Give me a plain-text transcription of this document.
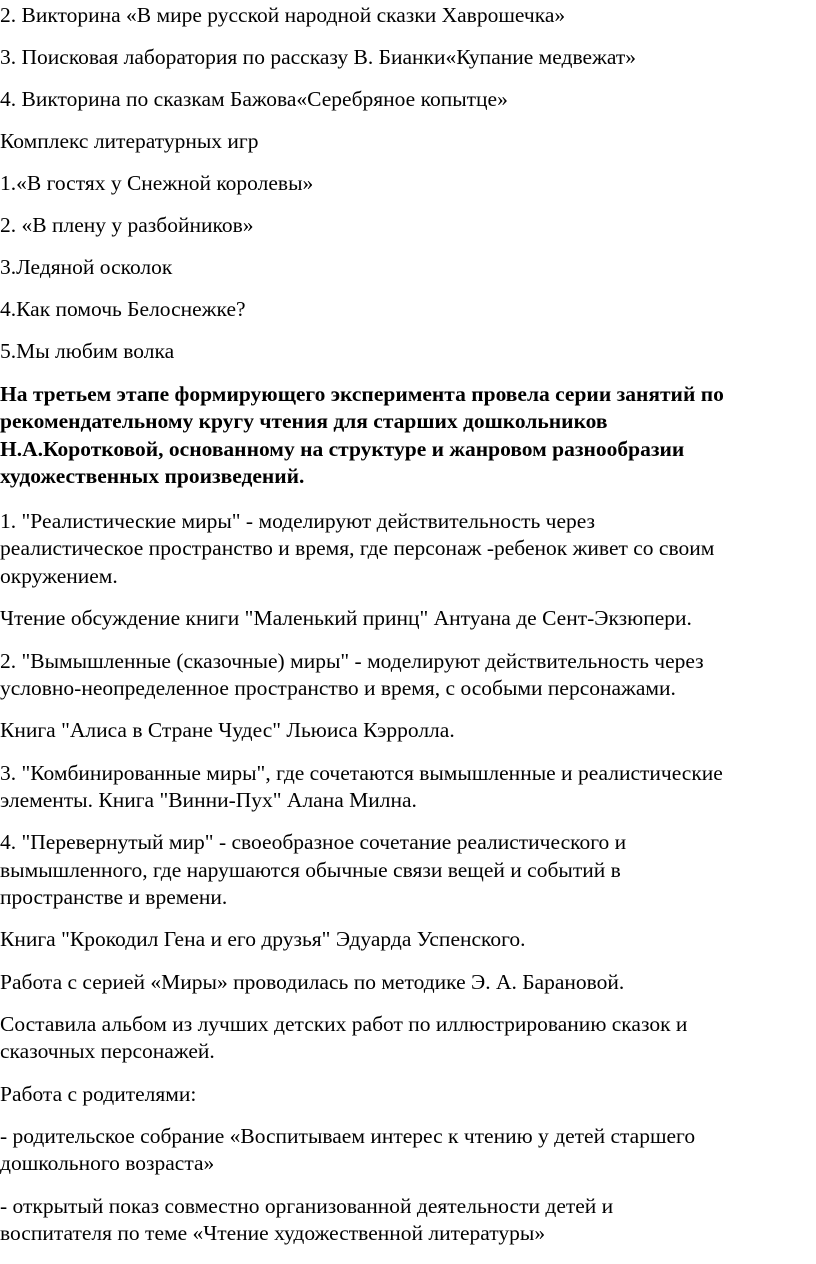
2. Викторина «В мире русской народной сказки Хаврошечка»

3. Поисковая лаборатория по рассказу В. Бианки«Купание медвежат»

4. Викторина по сказкам Бажова«Серебряное копытце»

Комплекс литературных игр

1.«В гостях у Снежной королевы»

2. «В плену у разбойников»

3.Ледяной осколок

4.Как помочь Белоснежке?

5.Мы любим волка

На третьем этапе формирующего эксперимента провела серии занятий по

рекомендательному кругу чтения для старших дошкольников

Н.А.Коротковой, основанному на структуре и жанровом разнообразии

художественных произведений.

1. "Реалистические миры" - моделируют действительность через

реалистическое пространство и время, где персонаж -ребенок живет со своим

окружением.

Чтение обсуждение книги "Маленький принц" Антуана де Сент-Экзюпери.

2. "Вымышленные (сказочные) миры" - моделируют действительность через

условно-неопределенное пространство и время, с особыми персонажами.

Книга "Алиса в Стране Чудес" Льюиса Кэрролла.

3. "Комбинированные миры", где сочетаются вымышленные и реалистические

элементы. Книга "Винни-Пух" Алана Милна.

4. "Перевернутый мир" - своеобразное сочетание реалистического и

вымышленного, где нарушаются обычные связи вещей и событий в

пространстве и времени.

Книга "Крокодил Гена и его друзья" Эдуарда Успенского.

Работа с серией «Миры» проводилась по методике Э. А. Барановой.

Составила альбом из лучших детских работ по иллюстрированию сказок и

сказочных персонажей.

Работа с родителями:

- родительское собрание «Воспитываем интерес к чтению у детей старшего

дошкольного возраста»

- открытый показ совместно организованной деятельности детей и

воспитателя по теме «Чтение художественной литературы»
